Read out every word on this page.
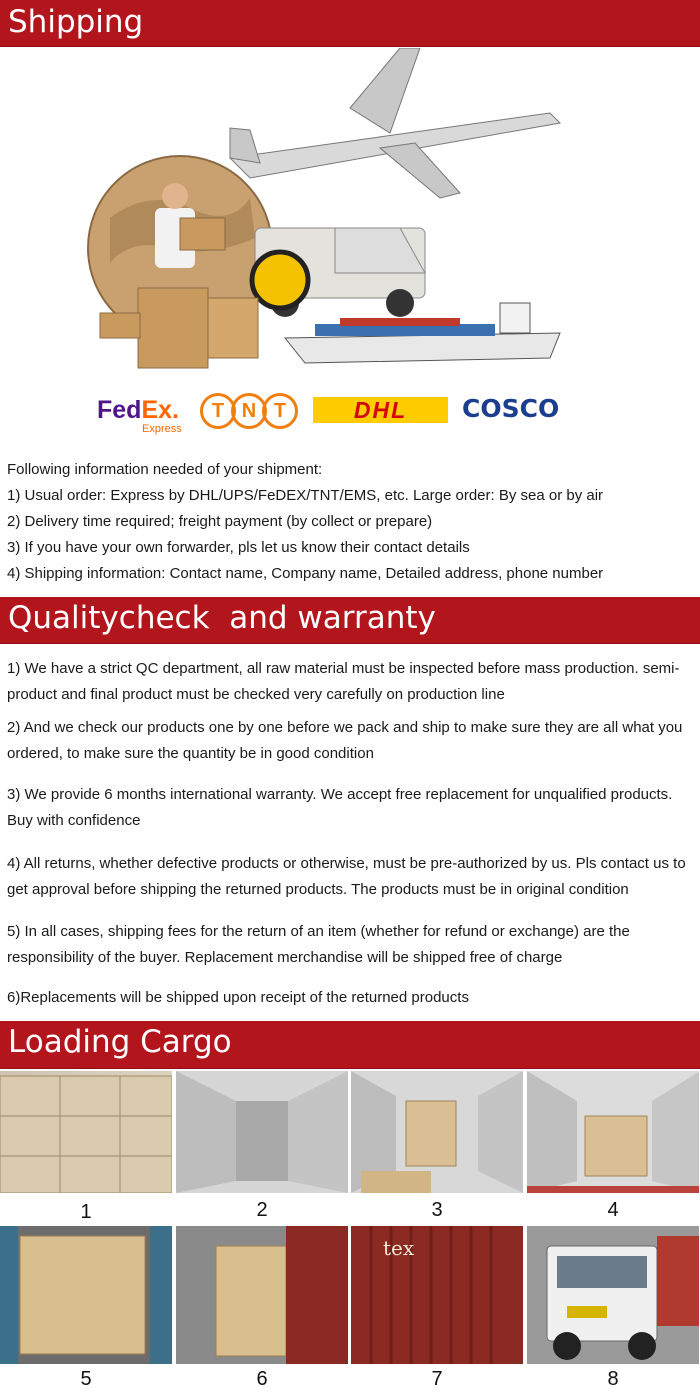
Shipping
FedEx.
Express
T N T	DHL	COSCO
Following information needed of your shipment:
1) Usual order: Express by DHL/UPS/FeDEX/TNT/EMS, etc. Large order: By sea or by air
2) Delivery time required; freight payment (by collect or prepare)
3) If you have your own forwarder, pls let us know their contact details
4) Shipping information: Contact name, Company name, Detailed address, phone number
Qualitycheck  and warranty
1) We have a strict QC department, all raw material must be inspected before mass production. semi-product and final product must be checked very carefully on production line
2) And we check our products one by one before we pack and ship to make sure they are all what you ordered, to make sure the quantity be in good condition
3) We provide 6 months international warranty. We accept free replacement for unqualified products. Buy with confidence
4) All returns, whether defective products or otherwise, must be pre-authorized by us. Pls contact us to get approval before shipping the returned products. The products must be in original condition
5) In all cases, shipping fees for the return of an item (whether for refund or exchange) are the responsibility of the buyer. Replacement merchandise will be shipped free of charge
6)Replacements will be shipped upon receipt of the returned products
Loading Cargo
1	2	3	4
tex
5	6	7	8
